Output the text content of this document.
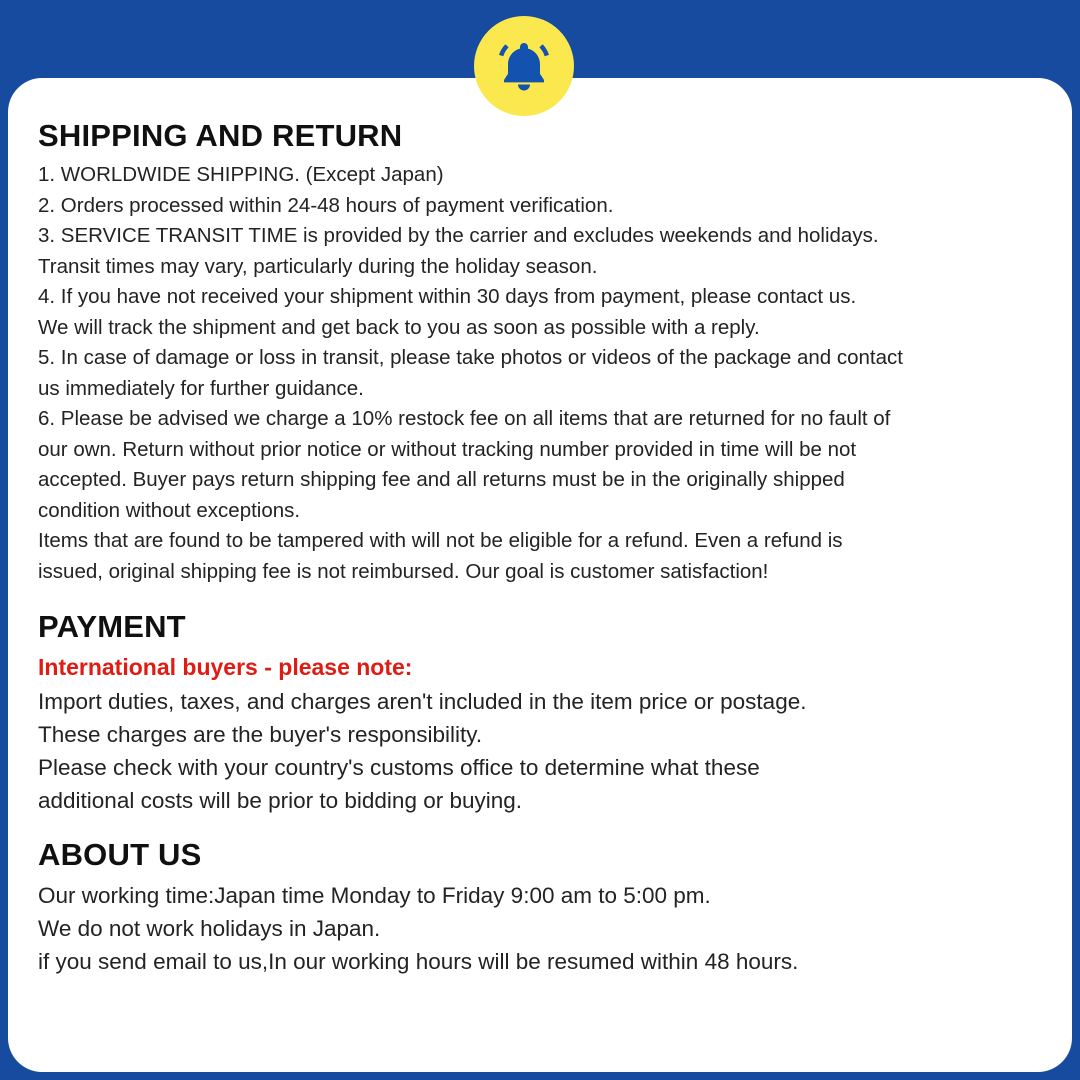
SHIPPING AND RETURN

1. WORLDWIDE SHIPPING. (Except Japan)

2. Orders processed within 24-48 hours of payment verification.

3. SERVICE TRANSIT TIME is provided by the carrier and excludes weekends and holidays.

Transit times may vary, particularly during the holiday season.

4. If you have not received your shipment within 30 days from payment, please contact us.

We will track the shipment and get back to you as soon as possible with a reply.

5. In case of damage or loss in transit, please take photos or videos of the package and contact

us immediately for further guidance.

6. Please be advised we charge a 10% restock fee on all items that are returned for no fault of

our own. Return without prior notice or without tracking number provided in time will be not

accepted. Buyer pays return shipping fee and all returns must be in the originally shipped

condition without exceptions.

Items that are found to be tampered with will not be eligible for a refund. Even a refund is

issued, original shipping fee is not reimbursed. Our goal is customer satisfaction!

PAYMENT

International buyers - please note:

Import duties, taxes, and charges aren't included in the item price or postage.

These charges are the buyer's responsibility.

Please check with your country's customs office to determine what these

additional costs will be prior to bidding or buying.

ABOUT US

Our working time:Japan time Monday to Friday 9:00 am to 5:00 pm.

We do not work holidays in Japan.

if you send email to us,In our working hours will be resumed within 48 hours.
